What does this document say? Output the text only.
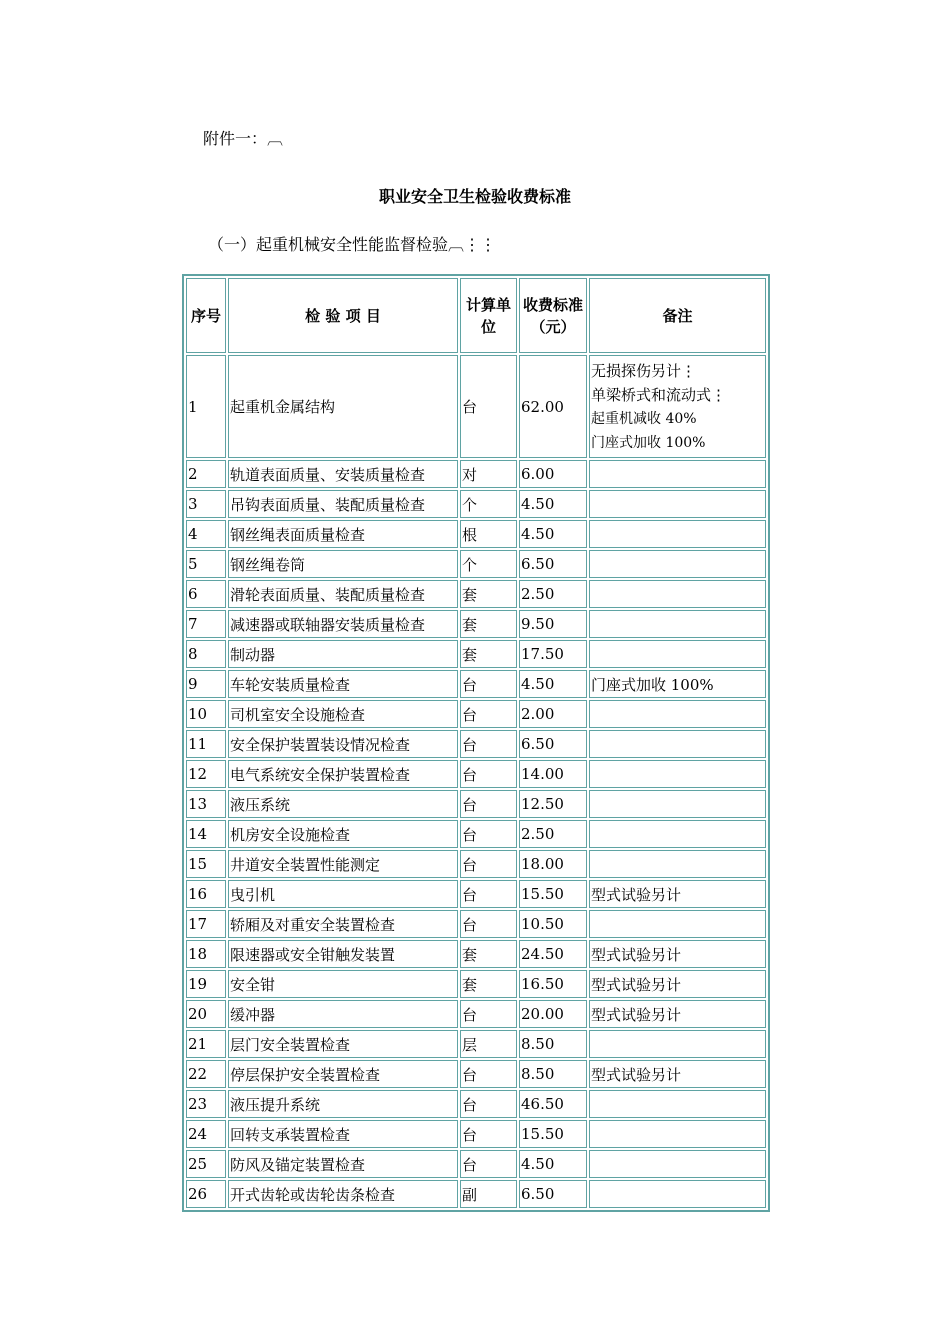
附件一：︹
职业安全卫生检验收费标准
（一）起重机械安全性能监督检验︹⋮⋮
序号	检 验 项 目	计算单位	收费标准（元）	备注
1	起重机金属结构	台	62.00	无损探伤另计⋮
单梁桥式和流动式⋮
起重机减收 40%
门座式加收 100%

2	轨道表面质量、安装质量检查	对	6.00	
3	吊钩表面质量、装配质量检查	个	4.50	
4	钢丝绳表面质量检查	根	4.50	
5	钢丝绳卷筒	个	6.50	
6	滑轮表面质量、装配质量检查	套	2.50	
7	减速器或联轴器安装质量检查	套	9.50	
8	制动器	套	17.50	
9	车轮安装质量检查	台	4.50	门座式加收 100%
10	司机室安全设施检查	台	2.00	
11	安全保护装置装设情况检查	台	6.50	
12	电气系统安全保护装置检查	台	14.00	
13	液压系统	台	12.50	
14	机房安全设施检查	台	2.50	
15	井道安全装置性能测定	台	18.00	
16	曳引机	台	15.50	型式试验另计
17	轿厢及对重安全装置检查	台	10.50	
18	限速器或安全钳触发装置	套	24.50	型式试验另计
19	安全钳	套	16.50	型式试验另计
20	缓冲器	台	20.00	型式试验另计
21	层门安全装置检查	层	8.50	
22	停层保护安全装置检查	台	8.50	型式试验另计
23	液压提升系统	台	46.50	
24	回转支承装置检查	台	15.50	
25	防风及锚定装置检查	台	4.50	
26	开式齿轮或齿轮齿条检查	副	6.50	
